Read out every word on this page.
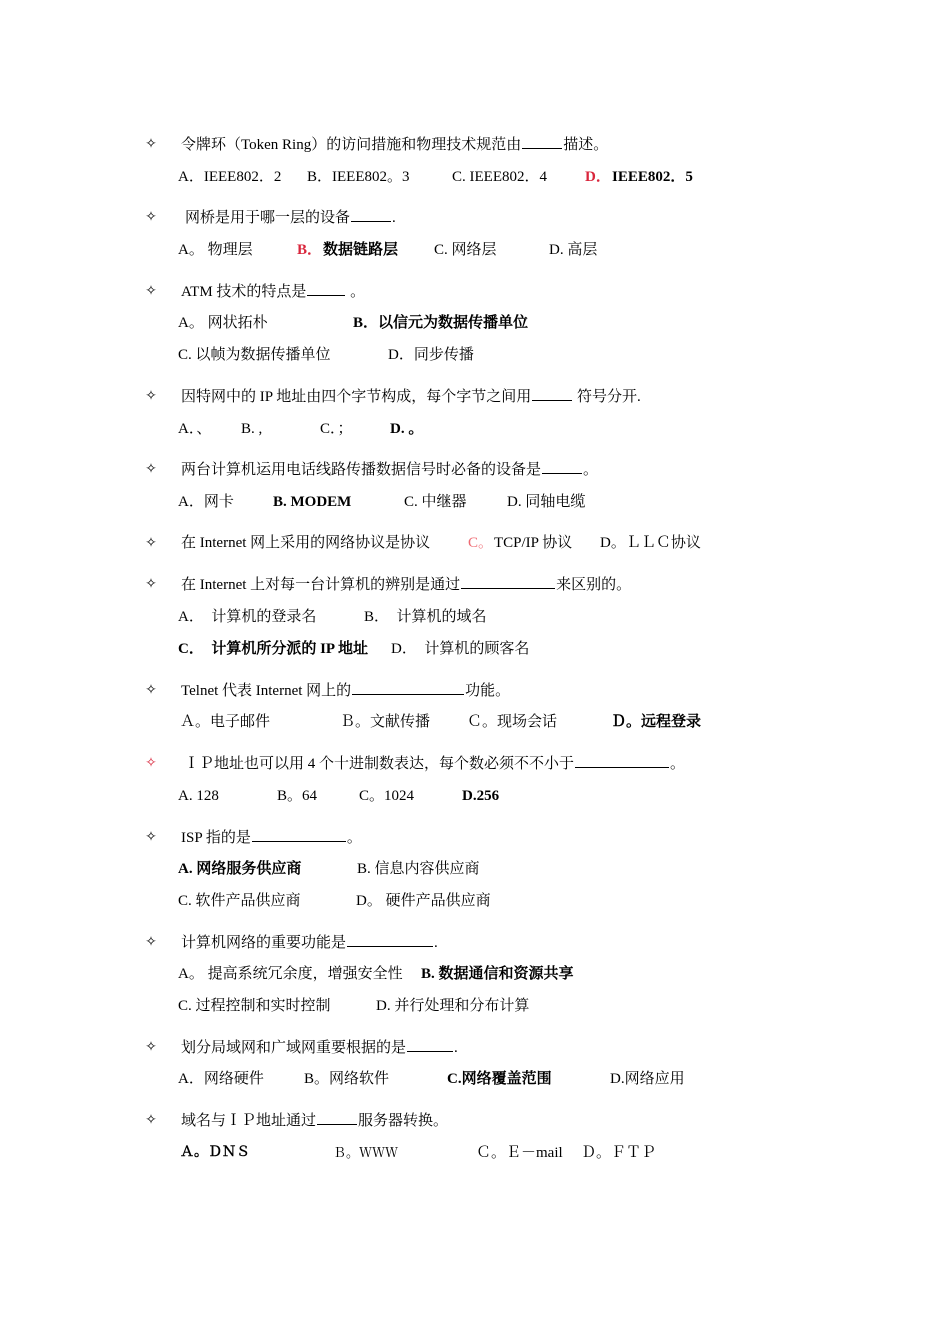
✧ 令牌环（Token Ring）的访问措施和物理技术规范由	描述。
A．IEEE802．2 B．IEEE802。3	C. IEEE802．4	D． IEEE802．5
✧ 网桥是用于哪一层的设备	.
A。 物理层	B． 数据链路层 C. 网络层	D. 高层
✧ ATM 技术的特点是	。
A。 网状拓朴	B．以信元为数据传播单位
C. 以帧为数据传播单位	D．同步传播
✧ 因特网中的 IP 地址由四个字节构成，每个字节之间用	符号分开.
A．、 B. ,	C．； D. 。
✧ 两台计算机运用电话线路传播数据信号时必备的设备是	。
A．网卡	B. MODEM	C. 中继器	D. 同轴电缆
✧ 在 Internet 网上采用的网络协议是协议	C。 TCP/IP 协议 D。ＬＬＣ协议
✧ 在 Internet 上对每一台计算机的辨别是通过	来区别的。
A．  计算机的登录名	B．  计算机的域名
C．  计算机所分派的 IP 地址 D．  计算机的顾客名
✧ Telnet 代表 Internet 网上的	功能。
Ａ。电子邮件	Ｂ。文献传播 Ｃ。现场会话	Ｄ。远程登录
✧ ＩＰ地址也可以用 4 个十进制数表达，每个数必须不不小于	。
A. 128	B。64	C。1024	D.256
✧ ISP 指的是	。
A. 网络服务供应商	B. 信息内容供应商
C. 软件产品供应商	D。 硬件产品供应商
✧ 计算机网络的重要功能是	.
A。 提高系统冗余度，增强安全性 B. 数据通信和资源共享
C. 过程控制和实时控制	D. 并行处理和分布计算
✧ 划分局域网和广域网重要根据的是	.
A．网络硬件	B。网络软件	C.网络覆盖范围	D.网络应用
✧ 域名与ＩＰ地址通过	服务器转换。
Ａ。ＤＮＳ	Ｂ。ＷＷＷ	Ｃ。Ｅ－mail Ｄ。ＦＴＰ
